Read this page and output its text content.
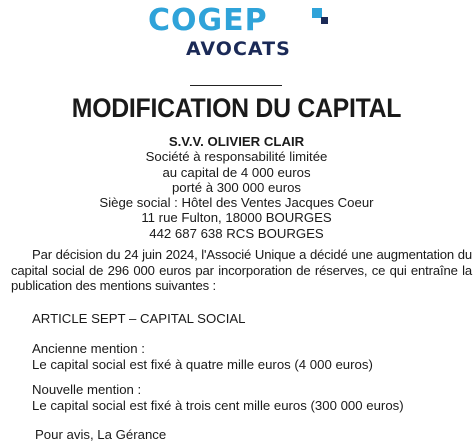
COGEP
AVOCATS
MODIFICATION DU CAPITAL
S.V.V. OLIVIER CLAIR
Société à responsabilité limitée
au capital de 4 000 euros
porté à 300 000 euros
Siège social : Hôtel des Ventes Jacques Coeur
11 rue Fulton, 18000 BOURGES
442 687 638 RCS BOURGES
Par décision du 24 juin 2024, l'Associé Unique a décidé une augmentation du capital social de 296 000 euros par incorporation de réserves, ce qui entraîne la publication des mentions suivantes :
ARTICLE SEPT – CAPITAL SOCIAL
Ancienne mention :
Le capital social est fixé à quatre mille euros (4 000 euros)
Nouvelle mention :
Le capital social est fixé à trois cent mille euros (300 000 euros)
Pour avis, La Gérance
